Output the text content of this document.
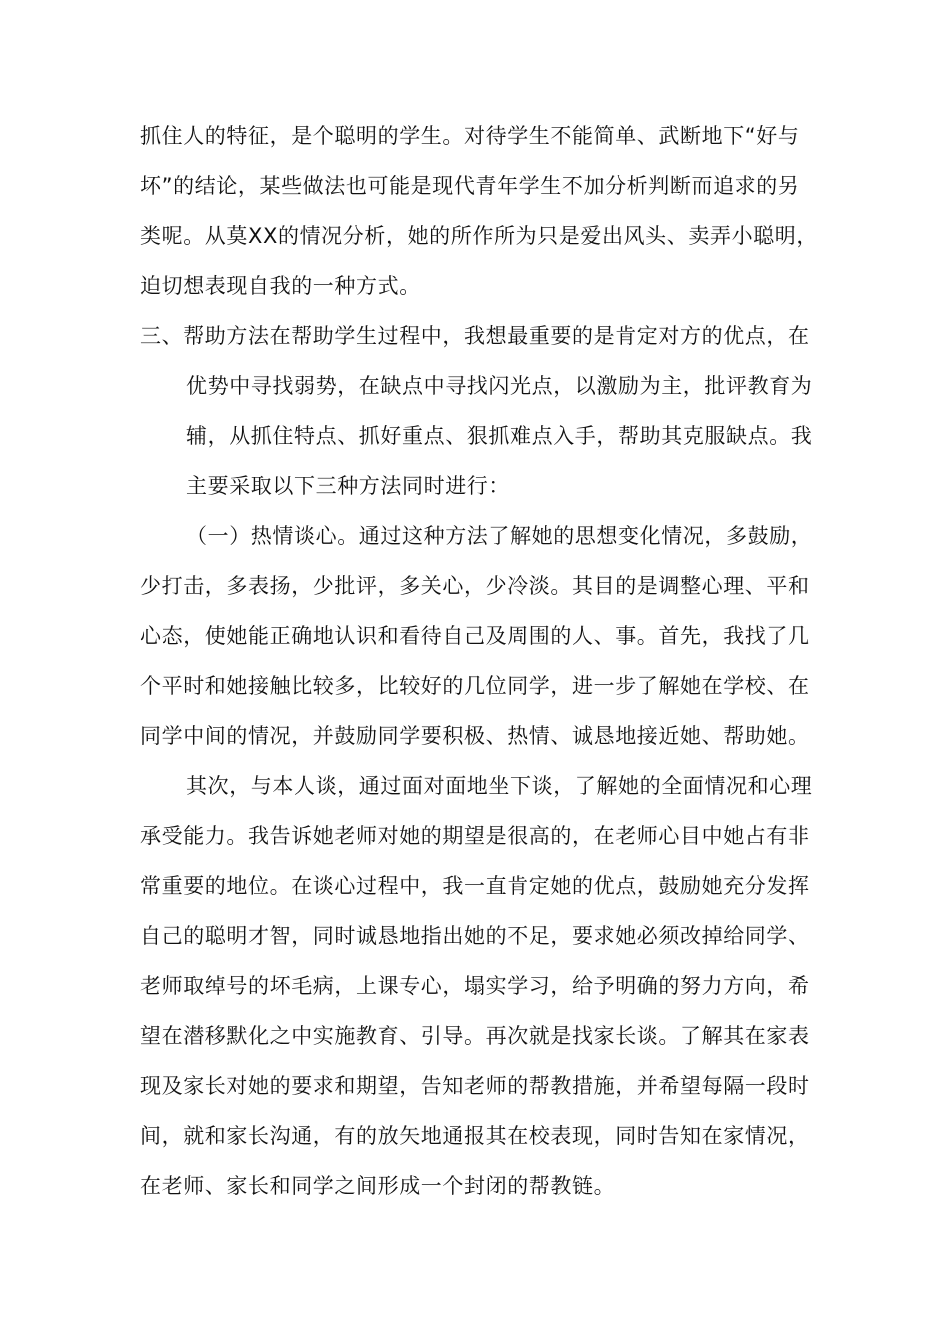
抓住人的特征，是个聪明的学生。对待学生不能简单、武断地下“好与
坏”的结论，某些做法也可能是现代青年学生不加分析判断而追求的另
类呢。从莫XX的情况分析，她的所作所为只是爱出风头、卖弄小聪明，
迫切想表现自我的一种方式。
三、帮助方法在帮助学生过程中，我想最重要的是肯定对方的优点，在
优势中寻找弱势，在缺点中寻找闪光点，以激励为主，批评教育为
辅，从抓住特点、抓好重点、狠抓难点入手，帮助其克服缺点。我
主要采取以下三种方法同时进行：
（一）热情谈心。通过这种方法了解她的思想变化情况，多鼓励，
少打击，多表扬，少批评，多关心，少冷淡。其目的是调整心理、平和
心态，使她能正确地认识和看待自己及周围的人、事。首先，我找了几
个平时和她接触比较多，比较好的几位同学，进一步了解她在学校、在
同学中间的情况，并鼓励同学要积极、热情、诚恳地接近她、帮助她。
其次，与本人谈，通过面对面地坐下谈，了解她的全面情况和心理
承受能力。我告诉她老师对她的期望是很高的，在老师心目中她占有非
常重要的地位。在谈心过程中，我一直肯定她的优点，鼓励她充分发挥
自己的聪明才智，同时诚恳地指出她的不足，要求她必须改掉给同学、
老师取绰号的坏毛病，上课专心，塌实学习，给予明确的努力方向，希
望在潜移默化之中实施教育、引导。再次就是找家长谈。了解其在家表
现及家长对她的要求和期望，告知老师的帮教措施，并希望每隔一段时
间，就和家长沟通，有的放矢地通报其在校表现，同时告知在家情况，
在老师、家长和同学之间形成一个封闭的帮教链。
